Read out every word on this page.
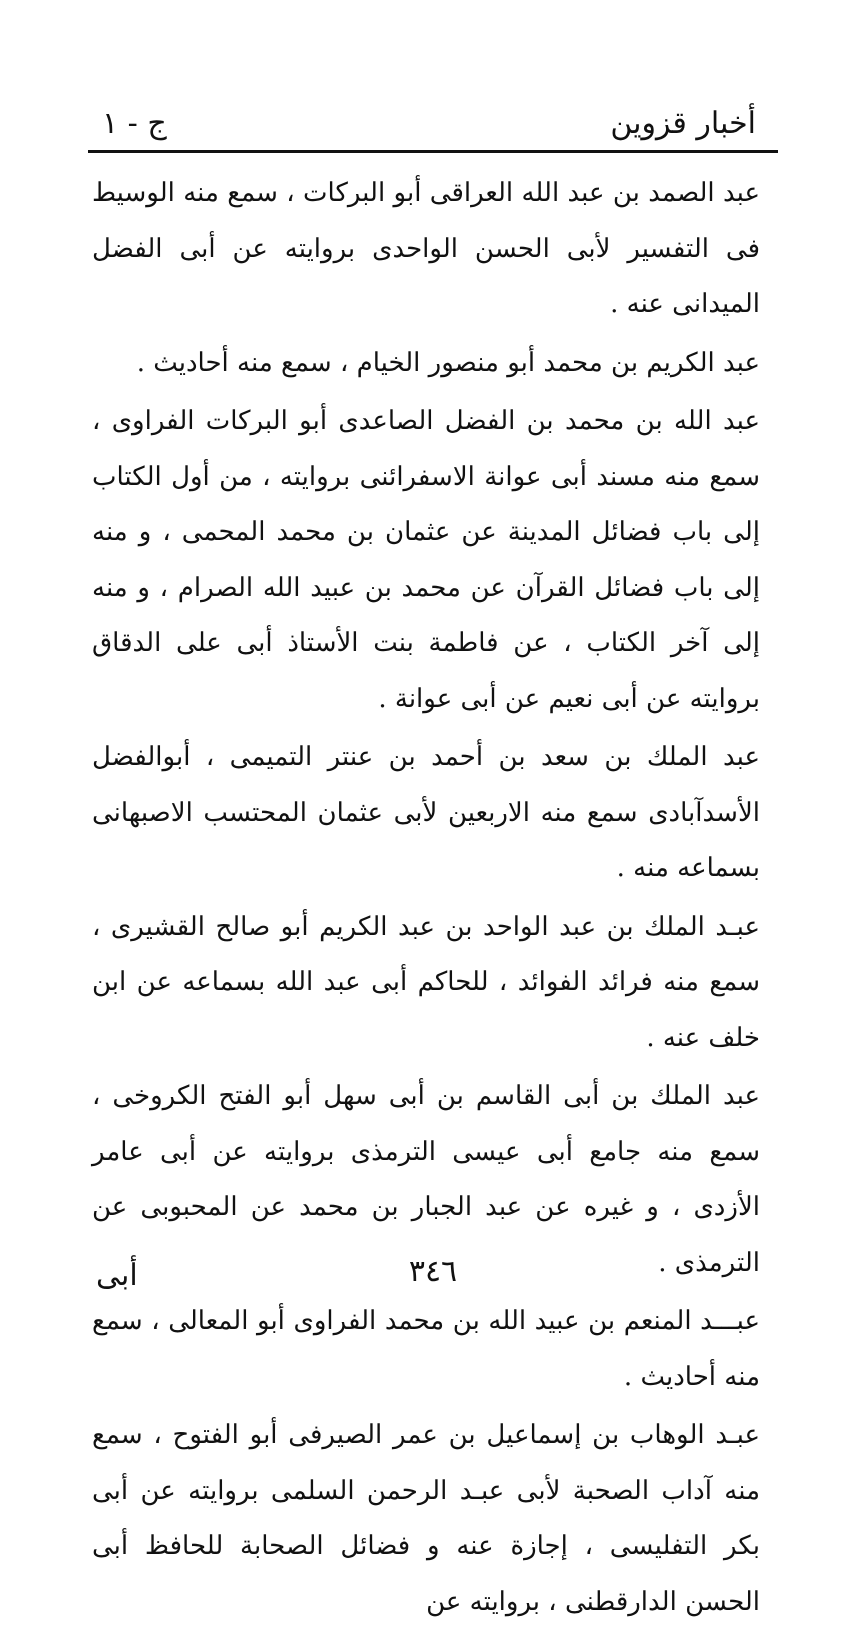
أخبار قزوين
ج - ١

عبد الصمد بن عبد الله العراقى أبو البركات ، سمع منه الوسيط فى التفسير لأبى الحسن الواحدى بروايته عن أبى الفضل الميدانى عنه .

عبد الكريم بن محمد أبو منصور الخيام ، سمع منه أحاديث .

عبد الله بن محمد بن الفضل الصاعدى أبو البركات الفراوى ، سمع منه مسند أبى عوانة الاسفرائنى بروايته ، من أول الكتاب إلى باب فضائل المدينة عن عثمان بن محمد المحمى ، و منه إلى باب فضائل القرآن عن محمد بن عبيد الله الصرام ، و منه إلى آخر الكتاب ، عن فاطمة بنت الأستاذ أبى على الدقاق بروايته عن أبى نعيم عن أبى عوانة .

عبد الملك بن سعد بن أحمد بن عنتر التميمى ، أبوالفضل الأسدآبادى سمع منه الاربعين لأبى عثمان المحتسب الاصبهانى بسماعه منه .

عبـد الملك بن عبد الواحد بن عبد الكريم أبو صالح القشيرى ، سمع منه فرائد الفوائد ، للحاكم أبى عبد الله بسماعه عن ابن خلف عنه .

عبد الملك بن أبى القاسم بن أبى سهل أبو الفتح الكروخى ، سمع منه جامع أبى عيسى الترمذى بروايته عن أبى عامر الأزدى ، و غيره عن عبد الجبار بن محمد عن المحبوبى عن الترمذى .

عبـــد المنعم بن عبيد الله بن محمد الفراوى أبو المعالى ، سمع منه أحاديث .

عبـد الوهاب بن إسماعيل بن عمر الصيرفى أبو الفتوح ، سمع منه آداب الصحبة لأبى عبـد الرحمن السلمى بروايته عن أبى بكر التفليسى ، إجازة عنه و فضائل الصحابة للحافظ أبى الحسن الدارقطنى ، بروايته عن

٣٤٦
أبى
